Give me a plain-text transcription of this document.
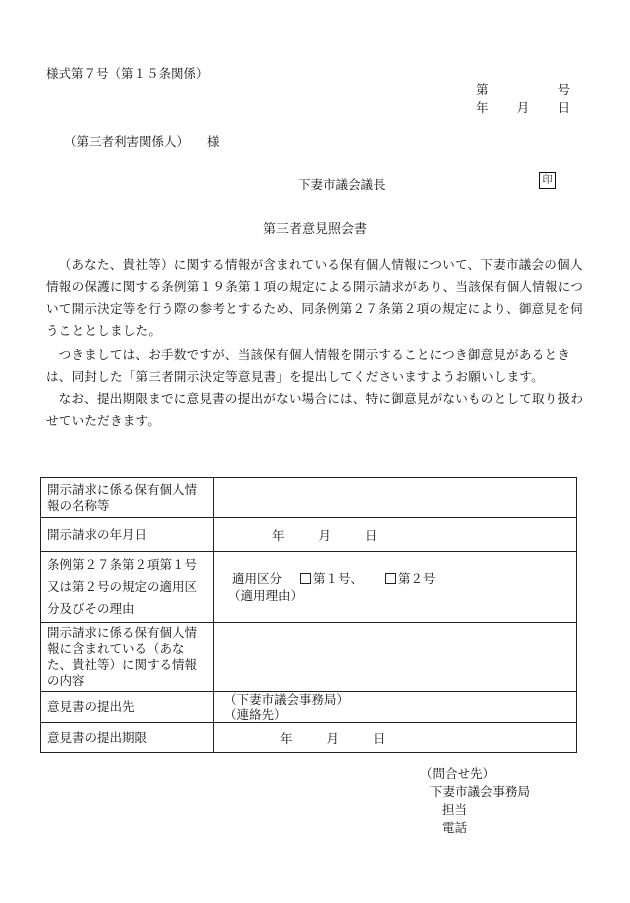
様式第７号（第１５条関係）
第	号
年 月 日
（第三者利害関係人） 様
下妻市議会議長	印
第三者意見照会書
（あなた、貴社等）に関する情報が含まれている保有個人情報について、下妻市議会の個人情報の保護に関する条例第１９条第１項の規定による開示請求があり、当該保有個人情報について開示決定等を行う際の参考とするため、同条例第２７条第２項の規定により、御意見を伺うこととしました。
つきましては、お手数ですが、当該保有個人情報を開示することにつき御意見があるときは、同封した「第三者開示決定等意見書」を提出してくださいますようお願いします。
なお、提出期限までに意見書の提出がない場合には、特に御意見がないものとして取り扱わせていただきます。
開示請求に係る保有個人情報の名称等	
開示請求の年月日	年 月 日
条例第２７条第２項第１号又は第２号の規定の適用区分及びその理由	適用区分 第１号、 第２号
（適用理由）

開示請求に係る保有個人情報に含まれている（あなた、貴社等）に関する情報の内容	
意見書の提出先	（下妻市議会事務局）
（連絡先）

意見書の提出期限	年 月 日
（問合せ先）
下妻市議会事務局
担当
電話
